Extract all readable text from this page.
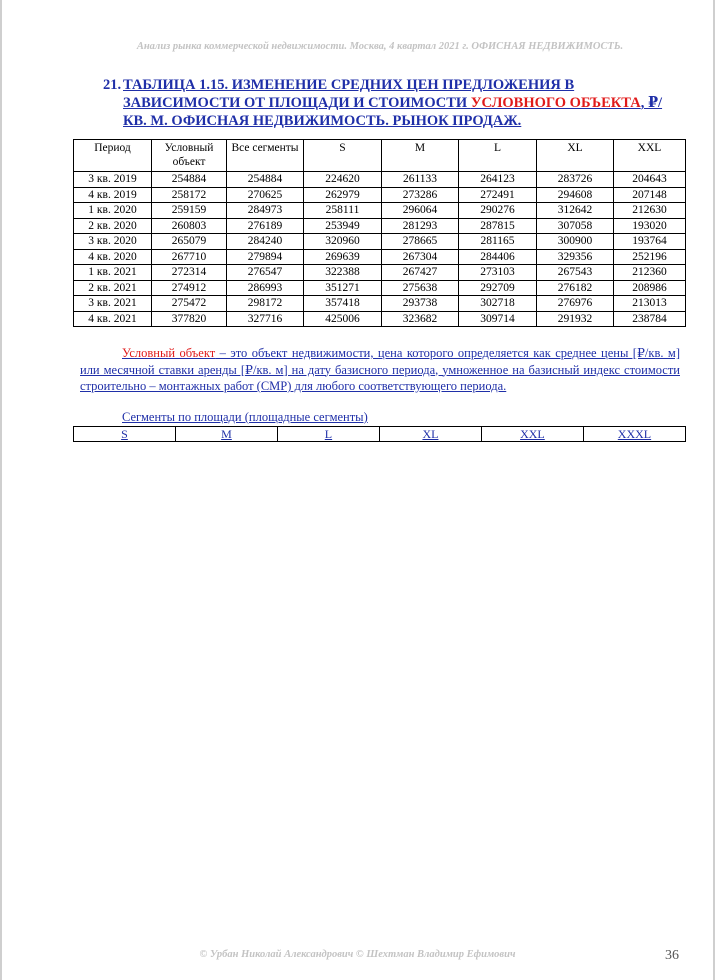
Анализ рынка коммерческой недвижимости. Москва, 4 квартал 2021 г. ОФИСНАЯ НЕДВИЖИМОСТЬ.
21. ТАБЛИЦА 1.15. ИЗМЕНЕНИЕ СРЕДНИХ ЦЕН ПРЕДЛОЖЕНИЯ В ЗАВИСИМОСТИ ОТ ПЛОЩАДИ И СТОИМОСТИ УСЛОВНОГО ОБЪЕКТА, ₽/КВ. М. ОФИСНАЯ НЕДВИЖИМОСТЬ. РЫНОК ПРОДАЖ.
Период	Условный объект	Все сегменты	S	M	L	XL	XXL
3 кв. 2019	254884	254884	224620	261133	264123	283726	204643
4 кв. 2019	258172	270625	262979	273286	272491	294608	207148
1 кв. 2020	259159	284973	258111	296064	290276	312642	212630
2 кв. 2020	260803	276189	253949	281293	287815	307058	193020
3 кв. 2020	265079	284240	320960	278665	281165	300900	193764
4 кв. 2020	267710	279894	269639	267304	284406	329356	252196
1 кв. 2021	272314	276547	322388	267427	273103	267543	212360
2 кв. 2021	274912	286993	351271	275638	292709	276182	208986
3 кв. 2021	275472	298172	357418	293738	302718	276976	213013
4 кв. 2021	377820	327716	425006	323682	309714	291932	238784
Условный объект – это объект недвижимости, цена которого определяется как среднее цены [₽/кв. м] или месячной ставки аренды [₽/кв. м] на дату базисного периода, умноженное на базисный индекс стоимости строительно – монтажных работ (СМР) для любого соответствующего периода.
Сегменты по площади (площадные сегменты)
S	M	L	XL	XXL	XXXL
© Урбан Николай Александрович © Шехтман Владимир Ефимович	36
